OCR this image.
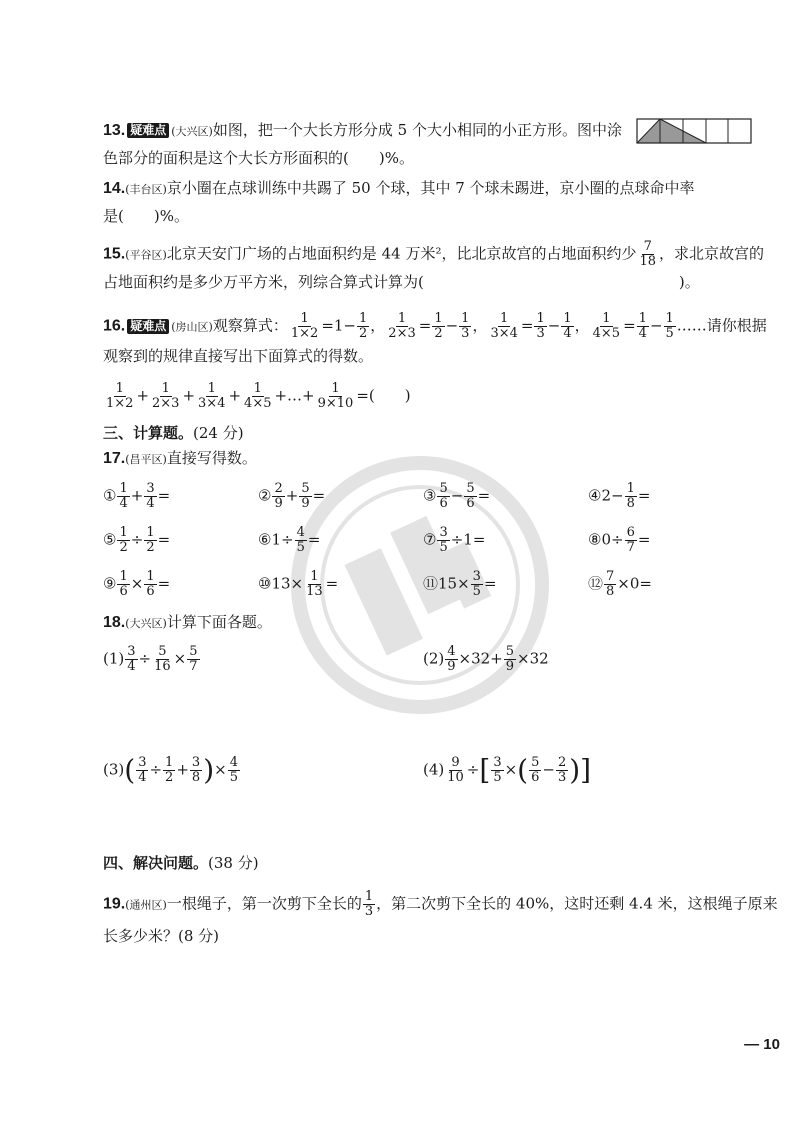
13. 疑难点 (大兴区)如图，把一个大长方形分成 5 个大小相同的小正方形。图中涂
色部分的面积是这个大长方形面积的(　　)%。
14.(丰台区)京小圈在点球训练中共踢了 50 个球，其中 7 个球未踢进，京小圈的点球命中率
是(　　)%。
15.(平谷区)北京天安门广场的占地面积约是 44 万米²，比北京故宫的占地面积约少 $\frac{7}{18}$ ，求北京故宫的
占地面积约是多少万平方米，列综合算式计算为(　　　　　　　　　　　　　　　　　)。
16. 疑难点 (房山区)观察算式： $\frac{1}{1\times 2} =1- \frac{1}{2}$ ， $\frac{1}{2\times 3} = \frac{1}{2} - \frac{1}{3}$ ， $\frac{1}{3\times 4} = \frac{1}{3} - \frac{1}{4}$ ， $\frac{1}{4\times 5} = \frac{1}{4} - \frac{1}{5}$ ……请你根据
观察到的规律直接写出下面算式的得数。
$\frac{1}{1\times 2} + \frac{1}{2\times 3} + \frac{1}{3\times 4} + \frac{1}{4\times 5}$ +…+ $\frac{1}{9\times 10}$ =(　　)
三、计算题。(24 分)
17.(昌平区)直接写得数。
① $\frac{1}{4} + \frac{3}{4}$ =	② $\frac{2}{9} + \frac{5}{9}$ =	③ $\frac{5}{6} - \frac{5}{6}$ =	④2− $\frac{1}{8}$ =
⑤ $\frac{1}{2} \div \frac{1}{2}$ =	⑥1÷ $\frac{4}{5}$ =	⑦ $\frac{3}{5} \div 1=$	⑧0÷ $\frac{6}{7}$ =
⑨ $\frac{1}{6} \times \frac{1}{6}$ =	⑩13× $\frac{1}{13}$ =	⑪15× $\frac{3}{5}$ =	⑫ $\frac{7}{8} \times 0=$
18.(大兴区)计算下面各题。
$(1) \frac{3}{4} \div \frac{5}{16} \times \frac{5}{7}$	$(2) \frac{4}{9} \times 32+ \frac{5}{9} \times 32$
$(3)( \frac{3}{4} \div \frac{1}{2} + \frac{3}{8}$ )× $\frac{4}{5}$	$(4) \frac{9}{10}$ ÷[ $\frac{3}{5}$ ×( $\frac{5}{6} - \frac{2}{3}$ )]
四、解决问题。(38 分)
19.(通州区)一根绳子，第一次剪下全长的 $\frac{1}{3}$ ，第二次剪下全长的 40%，这时还剩 4.4 米，这根绳子原来
长多少米？(8 分)
— 10
